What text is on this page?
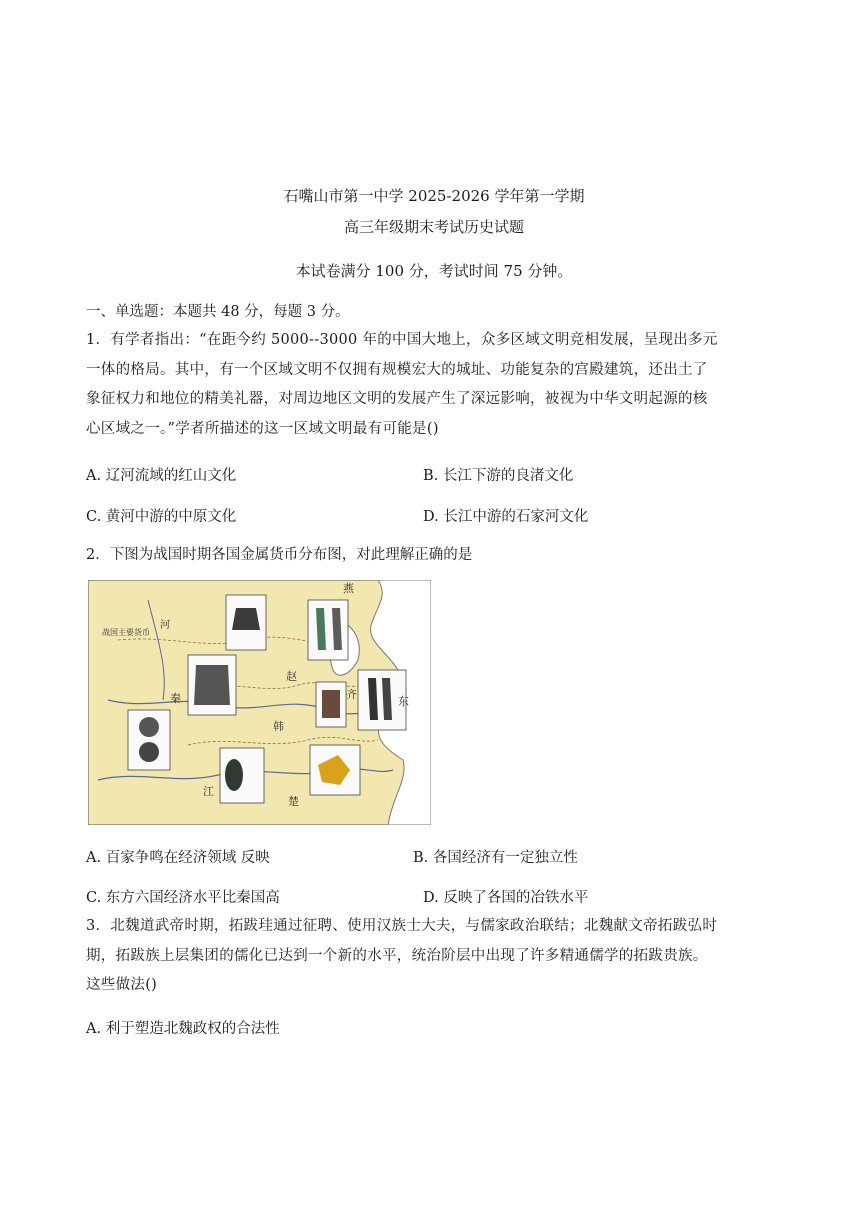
石嘴山市第一中学 2025-2026 学年第一学期
高三年级期末考试历史试题
本试卷满分 100 分，考试时间 75 分钟。
一、单选题：本题共 48 分，每题 3 分。
1．有学者指出：“在距今约 5000--3000 年的中国大地上，众多区域文明竞相发展，呈现出多元
一体的格局。其中，有一个区域文明不仅拥有规模宏大的城址、功能复杂的宫殿建筑，还出土了
象征权力和地位的精美礼器，对周边地区文明的发展产生了深远影响，被视为中华文明起源的核
心区域之一。”学者所描述的这一区域文明最有可能是()
A. 辽河流域的红山文化	B. 长江下游的良渚文化
C. 黄河中游的中原文化	D. 长江中游的石家河文化
2．下图为战国时期各国金属货币分布图，对此理解正确的是
燕
赵
齐
秦
韩
楚
东
江
河
战国主要货币
A. 百家争鸣在经济领域 反映	B. 各国经济有一定独立性
C. 东方六国经济水平比秦国高	D. 反映了各国的冶铁水平
3．北魏道武帝时期，拓跋珪通过征聘、使用汉族士大夫，与儒家政治联结；北魏献文帝拓跋弘时
期，拓跋族上层集团的儒化已达到一个新的水平，统治阶层中出现了许多精通儒学的拓跋贵族。
这些做法()
A. 利于塑造北魏政权的合法性
